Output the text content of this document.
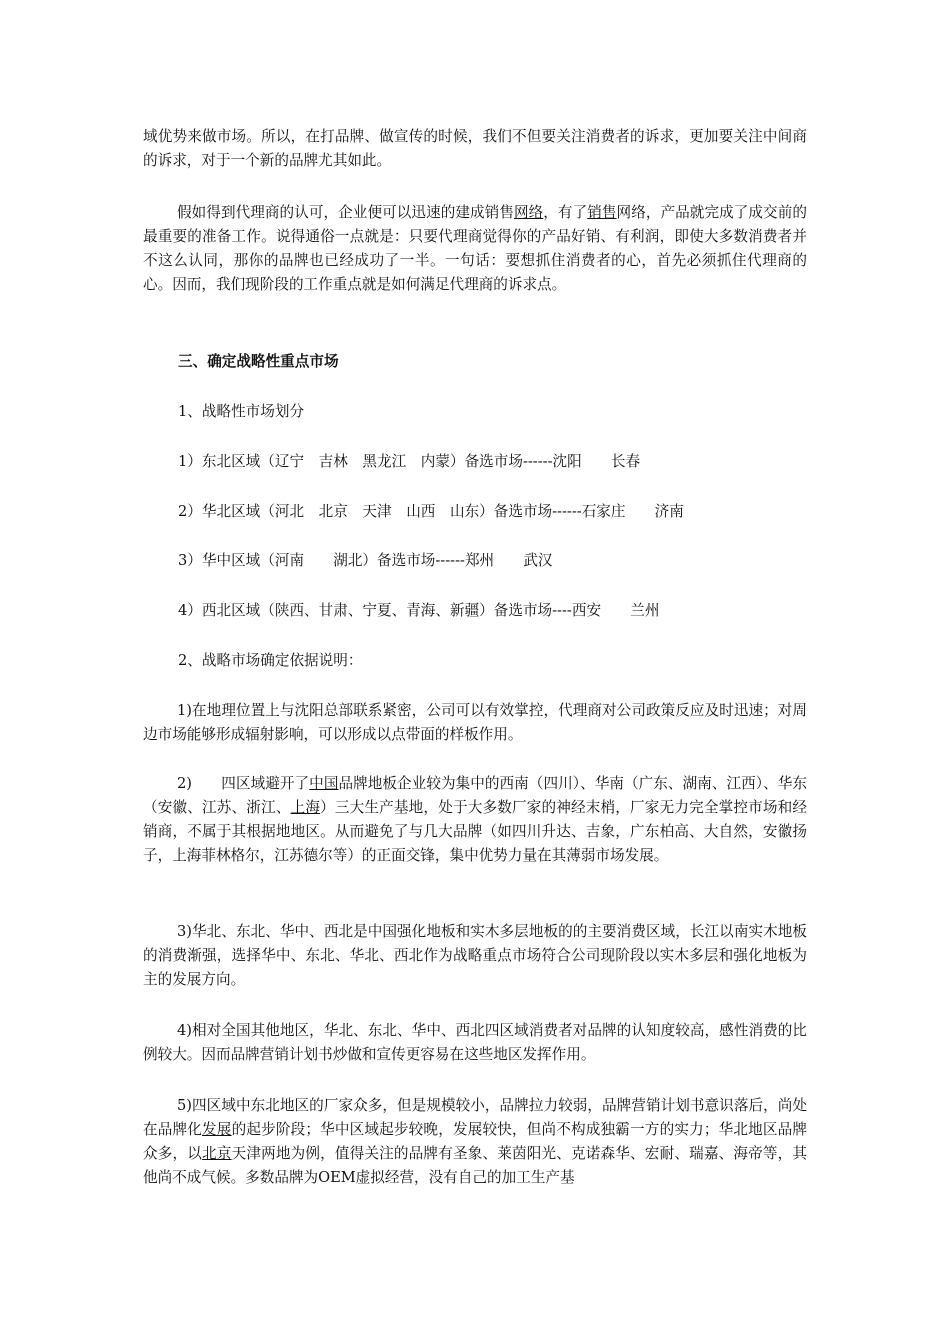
域优势来做市场。所以，在打品牌、做宣传的时候，我们不但要关注消费者的诉求，更加要关注中间商的诉求，对于一个新的品牌尤其如此。

假如得到代理商的认可，企业便可以迅速的建成销售网络，有了销售网络，产品就完成了成交前的最重要的准备工作。说得通俗一点就是：只要代理商觉得你的产品好销、有利润，即使大多数消费者并不这么认同，那你的品牌也已经成功了一半。一句话：要想抓住消费者的心，首先必须抓住代理商的心。因而，我们现阶段的工作重点就是如何满足代理商的诉求点。

三、确定战略性重点市场

1、战略性市场划分

1）东北区域（辽宁　吉林　黑龙江　内蒙）备选市场------沈阳　　长春

2）华北区域（河北　北京　天津　山西　山东）备选市场------石家庄　　济南

3）华中区域（河南　　湖北）备选市场------郑州　　武汉

4）西北区域（陕西、甘肃、宁夏、青海、新疆）备选市场----西安　　兰州

2、战略市场确定依据说明：

1)在地理位置上与沈阳总部联系紧密，公司可以有效掌控，代理商对公司政策反应及时迅速；对周边市场能够形成辐射影响，可以形成以点带面的样板作用。

2)　　四区域避开了中国品牌地板企业较为集中的西南（四川）、华南（广东、湖南、江西）、华东（安徽、江苏、浙江、上海）三大生产基地，处于大多数厂家的神经末梢，厂家无力完全掌控市场和经销商，不属于其根据地地区。从而避免了与几大品牌（如四川升达、吉象，广东柏高、大自然，安徽扬子，上海菲林格尔，江苏德尔等）的正面交锋，集中优势力量在其薄弱市场发展。

3)华北、东北、华中、西北是中国强化地板和实木多层地板的的主要消费区域，长江以南实木地板的消费渐强，选择华中、东北、华北、西北作为战略重点市场符合公司现阶段以实木多层和强化地板为主的发展方向。

4)相对全国其他地区，华北、东北、华中、西北四区域消费者对品牌的认知度较高，感性消费的比例较大。因而品牌营销计划书炒做和宣传更容易在这些地区发挥作用。

5)四区域中东北地区的厂家众多，但是规模较小，品牌拉力较弱，品牌营销计划书意识落后，尚处在品牌化发展的起步阶段；华中区域起步较晚，发展较快，但尚不构成独霸一方的实力；华北地区品牌众多，以北京天津两地为例，值得关注的品牌有圣象、莱茵阳光、克诺森华、宏耐、瑞嘉、海帝等，其他尚不成气候。多数品牌为OEM虚拟经营，没有自己的加工生产基
